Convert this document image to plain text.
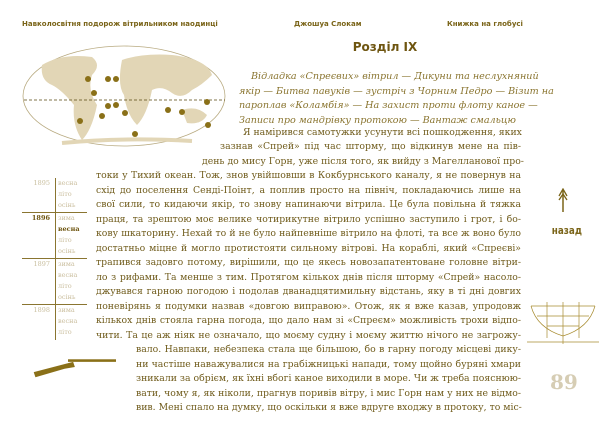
Навколосвітня подорож вітрильником наодинці	Джошуа Слокам	Книжка на глобусі
Розділ IX
Відладка «Спреєвих» вітрил — Дикуни та неслухняний
якір — Битва павуків — зустріч з Чорним Педро — Візит на
пароплав «Коламбія» — На захист проти флоту каное —
Записи про мандрівку протокою — Вантаж смальцю
Я намірився самотужки усунути всі пошкодження, яких
зазнав «Спрей» під час шторму, що відкинув мене на пів-
день до мису Горн, уже після того, як вийду з Магелланової про-
токи у Тихий океан. Тож, знов увійшовши в Кокбурнського каналу, я не повернув на
схід до поселення Сенді-Поінт, а поплив просто на північ, покладаючись лише на
свої сили, то кидаючи якір, то знову напинаючи вітрила. Це була повільна й тяжка
праця, та зрештою моє велике чотирикутне вітрило успішно заступило і грот, і бо-
кову шкаторину. Нехай то й не було найпевніше вітрило на флоті, та все ж воно було
достатньо міцне й могло протистояти сильному вітрові. На кораблі, який «Спреєві»
трапився задовго потому, вирішили, що це якесь новозапатентоване головне вітри-
ло з рифами. Та менше з тим. Протягом кількох днів після шторму «Спрей» насоло-
джувався гарною погодою і подолав дванадцятимильну відстань, яку в ті дні довгих
поневірянь я подумки назвав «довгою виправою». Отож, як я вже казав, упродовж
кількох днів стояла гарна погода, що дало нам зі «Спреєм» можливість трохи відпо-
чити. Та це аж ніяк не означало, що моєму судну і моєму життю нічого не загрожу-
вало. Навпаки, небезпека стала ще більшою, бо в гарну погоду місцеві дику-
ни частіше наважувалися на грабіжницькі напади, тому щойно буряні хмари
зникали за обрієм, як їхні вбогі каное виходили в море. Чи ж треба пояснюю-
вати, чому я, як ніколи, прагнув поривів вітру, і мис Горн нам у них не відмо-
вив. Мені спало на думку, що оскільки я вже вдруге входжу в протоку, то міс-
1895 весна
літо
осінь
1896 зима
весна
літо
осінь
1897 зима
весна
літо
осінь
1898 зима
весна
літо
назад
89
